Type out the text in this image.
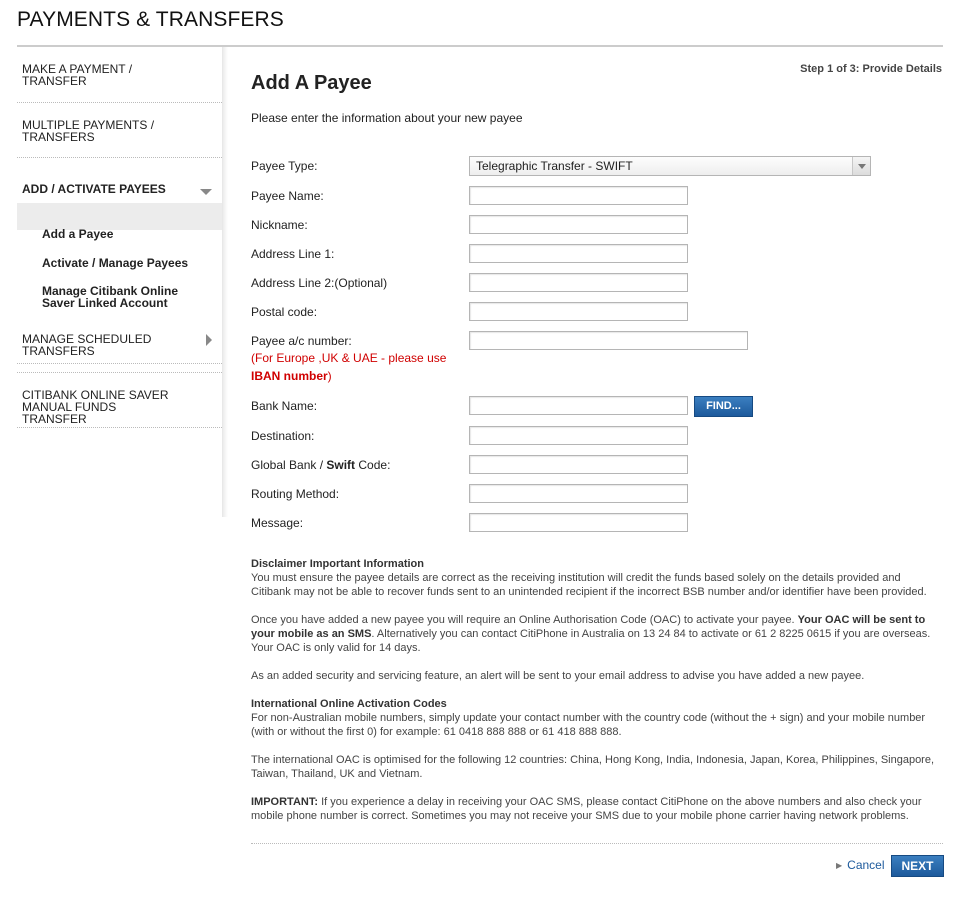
PAYMENTS & TRANSFERS
MAKE A PAYMENT / TRANSFER
MULTIPLE PAYMENTS / TRANSFERS
ADD / ACTIVATE PAYEES
Add a Payee
Activate / Manage Payees
Manage Citibank Online Saver Linked Account
MANAGE SCHEDULED TRANSFERS
CITIBANK ONLINE SAVER MANUAL FUNDS TRANSFER
Step 1 of 3: Provide Details
Add A Payee
Please enter the information about your new payee
Payee Type:	Telegraphic Transfer - SWIFT
Payee Name:
Nickname:
Address Line 1:
Address Line 2:(Optional)
Postal code:
Payee a/c number:
(For Europe ,UK & UAE - please use
IBAN number)
Bank Name:	FIND...
Destination:
Global Bank / Swift Code:
Routing Method:
Message:
Disclaimer Important Information
You must ensure the payee details are correct as the receiving institution will credit the funds based solely on the details provided and Citibank may not be able to recover funds sent to an unintended recipient if the incorrect BSB number and/or identifier have been provided.
Once you have added a new payee you will require an Online Authorisation Code (OAC) to activate your payee. Your OAC will be sent to your mobile as an SMS. Alternatively you can contact CitiPhone in Australia on 13 24 84 to activate or 61 2 8225 0615 if you are overseas. Your OAC is only valid for 14 days.
As an added security and servicing feature, an alert will be sent to your email address to advise you have added a new payee.
International Online Activation Codes
For non-Australian mobile numbers, simply update your contact number with the country code (without the + sign) and your mobile number (with or without the first 0) for example: 61 0418 888 888 or 61 418 888 888.
The international OAC is optimised for the following 12 countries: China, Hong Kong, India, Indonesia, Japan, Korea, Philippines, Singapore, Taiwan, Thailand, UK and Vietnam.
IMPORTANT: If you experience a delay in receiving your OAC SMS, please contact CitiPhone on the above numbers and also check your mobile phone number is correct. Sometimes you may not receive your SMS due to your mobile phone carrier having network problems.
▶ Cancel	NEXT
